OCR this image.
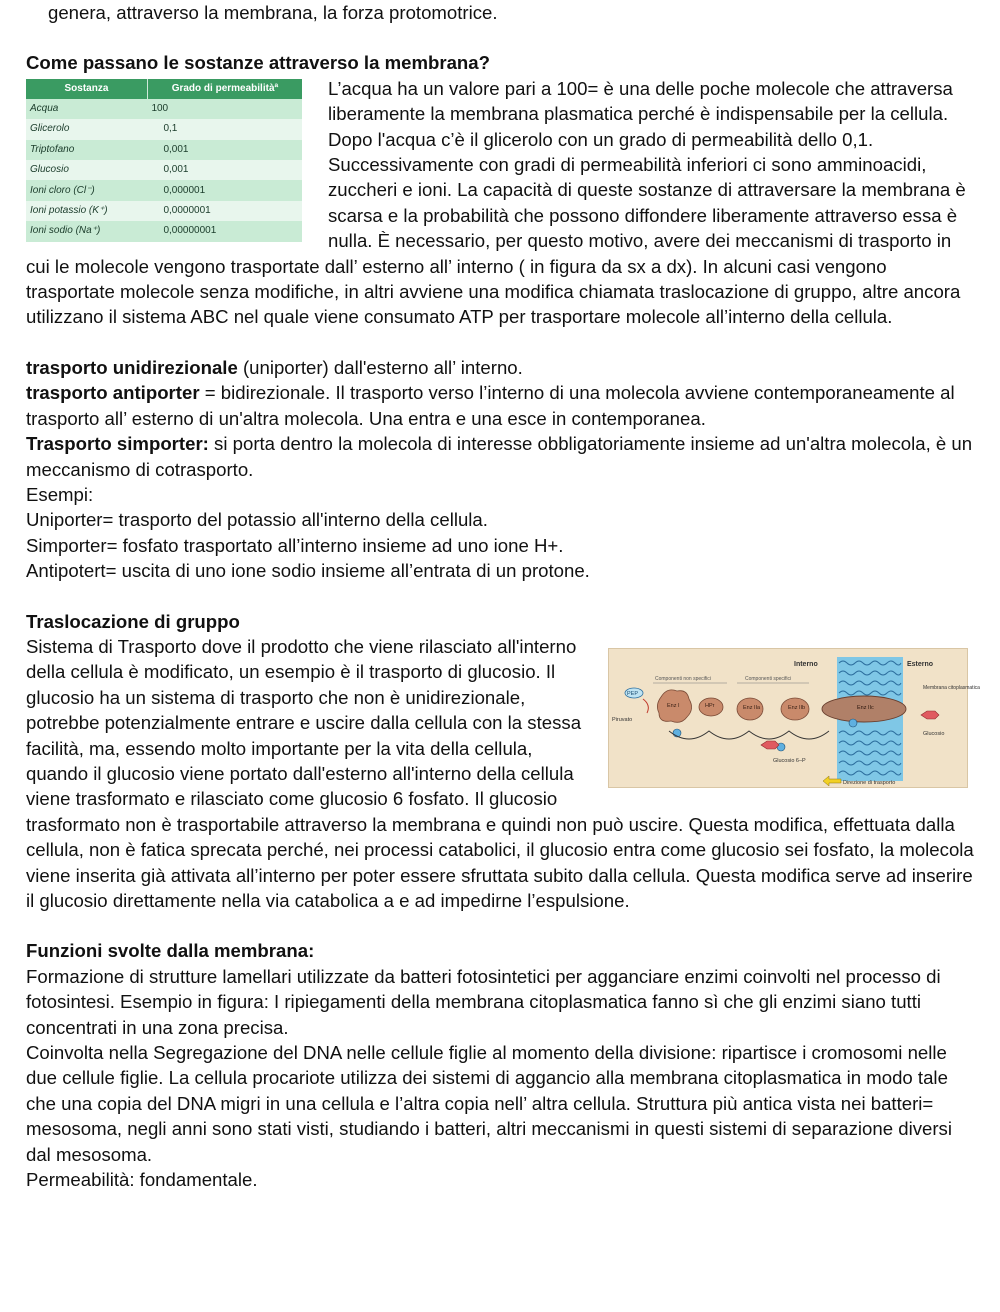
genera, attraverso la membrana, la forza protomotrice.

Come passano le sostanze attraverso la membrana?

Sostanza	Grado di permeabilitàª
Acqua	100
Glicerolo	0,1
Triptofano	0,001
Glucosio	0,001
Ioni cloro (Cl⁻)	0,000001
Ioni potassio (K⁺)	0,0000001
Ioni sodio (Na⁺)	0,00000001

L’acqua ha un valore pari a 100= è una delle poche molecole che attraversa liberamente la membrana plasmatica perché è indispensabile per la cellula. Dopo l'acqua c’è il glicerolo con un grado di permeabilità dello 0,1. Successivamente con gradi di permeabilità inferiori ci sono amminoacidi, zuccheri e ioni. La capacità di queste sostanze di attraversare la membrana è scarsa e la probabilità che possono diffondere liberamente attraverso essa è nulla. È necessario, per questo motivo, avere dei meccanismi di trasporto in cui le molecole vengono trasportate dall’ esterno all’ interno ( in figura da sx a dx). In alcuni casi vengono trasportate molecole senza modifiche, in altri avviene una modifica chiamata traslocazione di gruppo, altre ancora utilizzano il sistema ABC nel quale viene consumato ATP per trasportare molecole all’interno della cellula.

trasporto unidirezionale (uniporter) dall'esterno all’ interno.

trasporto antiporter = bidirezionale. Il trasporto verso l’interno di una molecola avviene contemporaneamente al trasporto all’ esterno di un'altra molecola. Una entra e una esce in contemporanea.

Trasporto simporter: si porta dentro la molecola di interesse obbligatoriamente insieme ad un'altra molecola, è un meccanismo di cotrasporto.

Esempi:

Uniporter= trasporto del potassio all'interno della cellula.

Simporter= fosfato trasportato all’interno insieme ad uno ione H+.

Antipotert= uscita di uno ione sodio insieme all’entrata di un protone.

Traslocazione di gruppo

Interno	Esterno
Componenti non specifici	Componenti specifici
PEP
Piruvato
Enz I	HPr	Enz IIa	Enz IIb	Enz IIc
Glucosio
Glucosio 6–P
Membrana citoplasmatica
Direzione di trasporto

Sistema di Trasporto dove il prodotto che viene rilasciato all'interno della cellula è modificato, un esempio è il trasporto di glucosio. Il glucosio ha un sistema di trasporto che non è unidirezionale, potrebbe potenzialmente entrare e uscire dalla cellula con la stessa facilità, ma, essendo molto importante per la vita della cellula, quando il glucosio viene portato dall'esterno all'interno della cellula viene trasformato e rilasciato come glucosio 6 fosfato. Il glucosio trasformato non è trasportabile attraverso la membrana e quindi non può uscire. Questa modifica, effettuata dalla cellula, non è fatica sprecata perché, nei processi catabolici, il glucosio entra come glucosio sei fosfato, la molecola viene inserita già attivata all’interno per poter essere sfruttata subito dalla cellula. Questa modifica serve ad inserire il glucosio direttamente nella via catabolica a e ad impedirne l’espulsione.

Funzioni svolte dalla membrana:

Formazione di strutture lamellari utilizzate da batteri fotosintetici per agganciare enzimi coinvolti nel processo di fotosintesi. Esempio in figura: I ripiegamenti della membrana citoplasmatica fanno sì che gli enzimi siano tutti concentrati in una zona precisa.

Coinvolta nella Segregazione del DNA nelle cellule figlie al momento della divisione: ripartisce i cromosomi nelle due cellule figlie. La cellula procariote utilizza dei sistemi di aggancio alla membrana citoplasmatica in modo tale che una copia del DNA migri in una cellula e l’altra copia nell’ altra cellula. Struttura più antica vista nei batteri= mesosoma, negli anni sono stati visti, studiando i batteri, altri meccanismi in questi sistemi di separazione diversi dal mesosoma.

Permeabilità: fondamentale.
